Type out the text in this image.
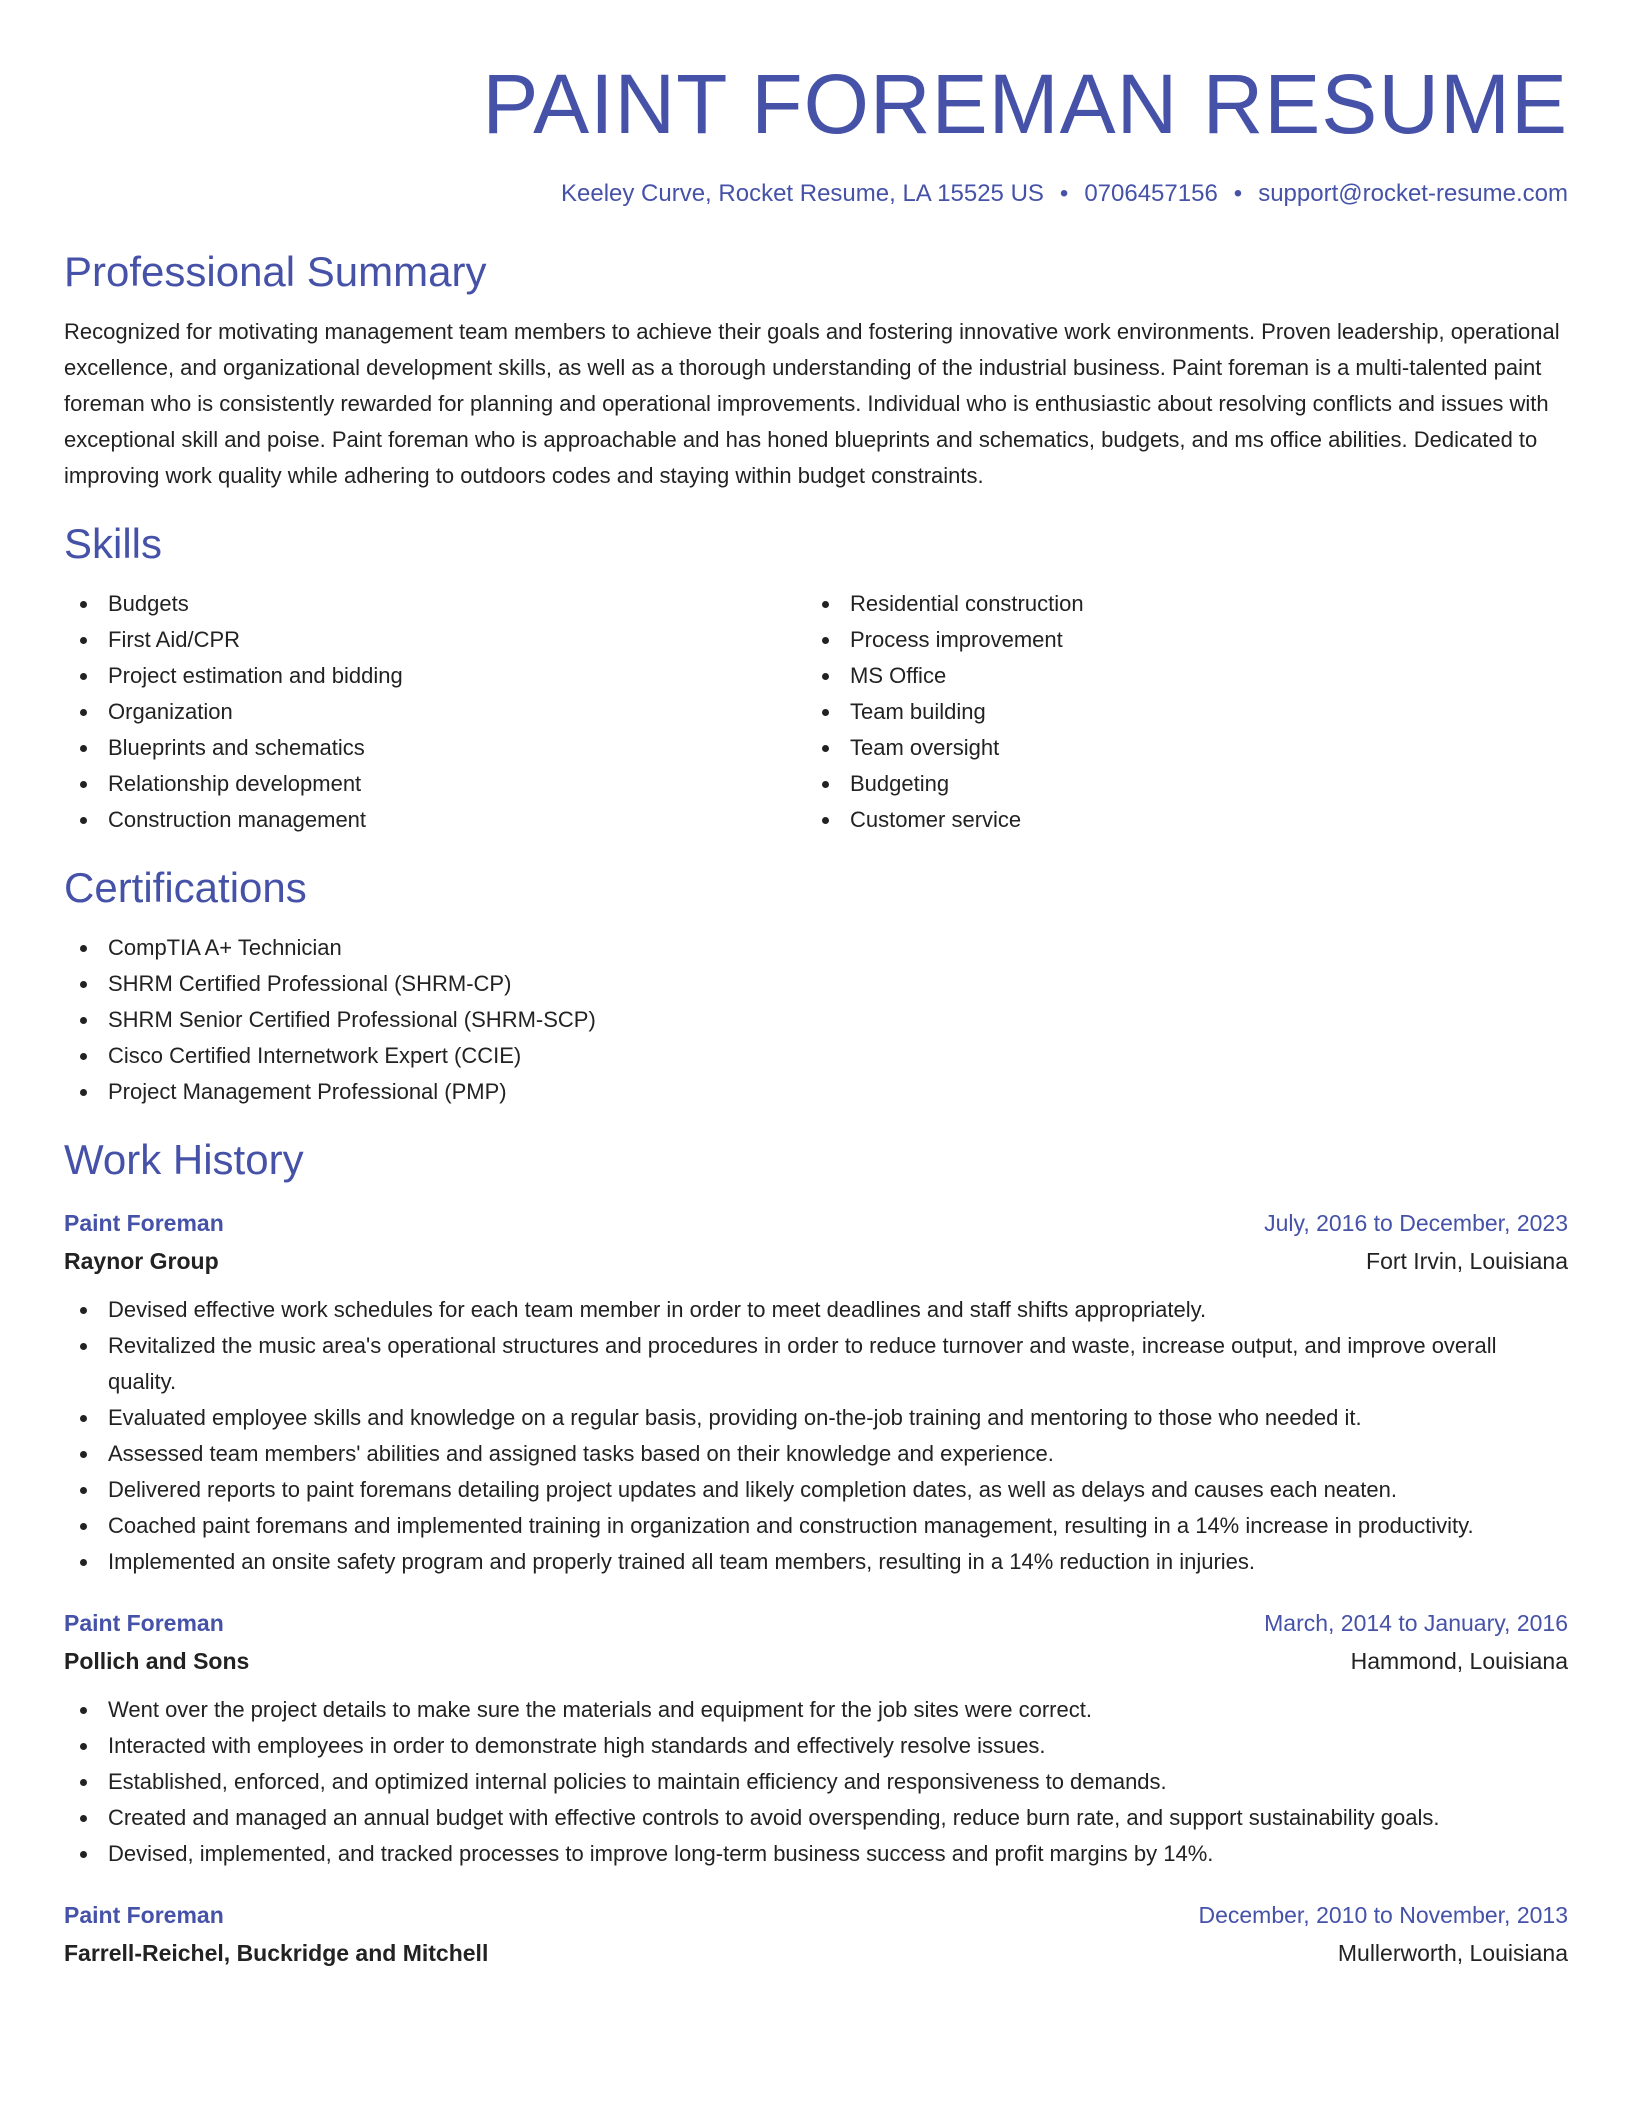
PAINT FOREMAN RESUME
Keeley Curve, Rocket Resume, LA 15525 US • 0706457156 • support@rocket-resume.com
Professional Summary

Recognized for motivating management team members to achieve their goals and fostering innovative work environments. Proven leadership, operational excellence, and organizational development skills, as well as a thorough understanding of the industrial business. Paint foreman is a multi-talented paint foreman who is consistently rewarded for planning and operational improvements. Individual who is enthusiastic about resolving conflicts and issues with exceptional skill and poise. Paint foreman who is approachable and has honed blueprints and schematics, budgets, and ms office abilities. Dedicated to improving work quality while adhering to outdoors codes and staying within budget constraints.

Skills
Budgets
First Aid/CPR
Project estimation and bidding
Organization
Blueprints and schematics
Relationship development
Construction management
Residential construction
Process improvement
MS Office
Team building
Team oversight
Budgeting
Customer service
Certifications
CompTIA A+ Technician
SHRM Certified Professional (SHRM-CP)
SHRM Senior Certified Professional (SHRM-SCP)
Cisco Certified Internetwork Expert (CCIE)
Project Management Professional (PMP)
Work History
Paint Foreman	July, 2016 to December, 2023
Raynor Group	Fort Irvin, Louisiana
Devised effective work schedules for each team member in order to meet deadlines and staff shifts appropriately.
Revitalized the music area's operational structures and procedures in order to reduce turnover and waste, increase output, and improve overall quality.
Evaluated employee skills and knowledge on a regular basis, providing on-the-job training and mentoring to those who needed it.
Assessed team members' abilities and assigned tasks based on their knowledge and experience.
Delivered reports to paint foremans detailing project updates and likely completion dates, as well as delays and causes each neaten.
Coached paint foremans and implemented training in organization and construction management, resulting in a 14% increase in productivity.
Implemented an onsite safety program and properly trained all team members, resulting in a 14% reduction in injuries.
Paint Foreman	March, 2014 to January, 2016
Pollich and Sons	Hammond, Louisiana
Went over the project details to make sure the materials and equipment for the job sites were correct.
Interacted with employees in order to demonstrate high standards and effectively resolve issues.
Established, enforced, and optimized internal policies to maintain efficiency and responsiveness to demands.
Created and managed an annual budget with effective controls to avoid overspending, reduce burn rate, and support sustainability goals.
Devised, implemented, and tracked processes to improve long-term business success and profit margins by 14%.
Paint Foreman	December, 2010 to November, 2013
Farrell-Reichel, Buckridge and Mitchell	Mullerworth, Louisiana
